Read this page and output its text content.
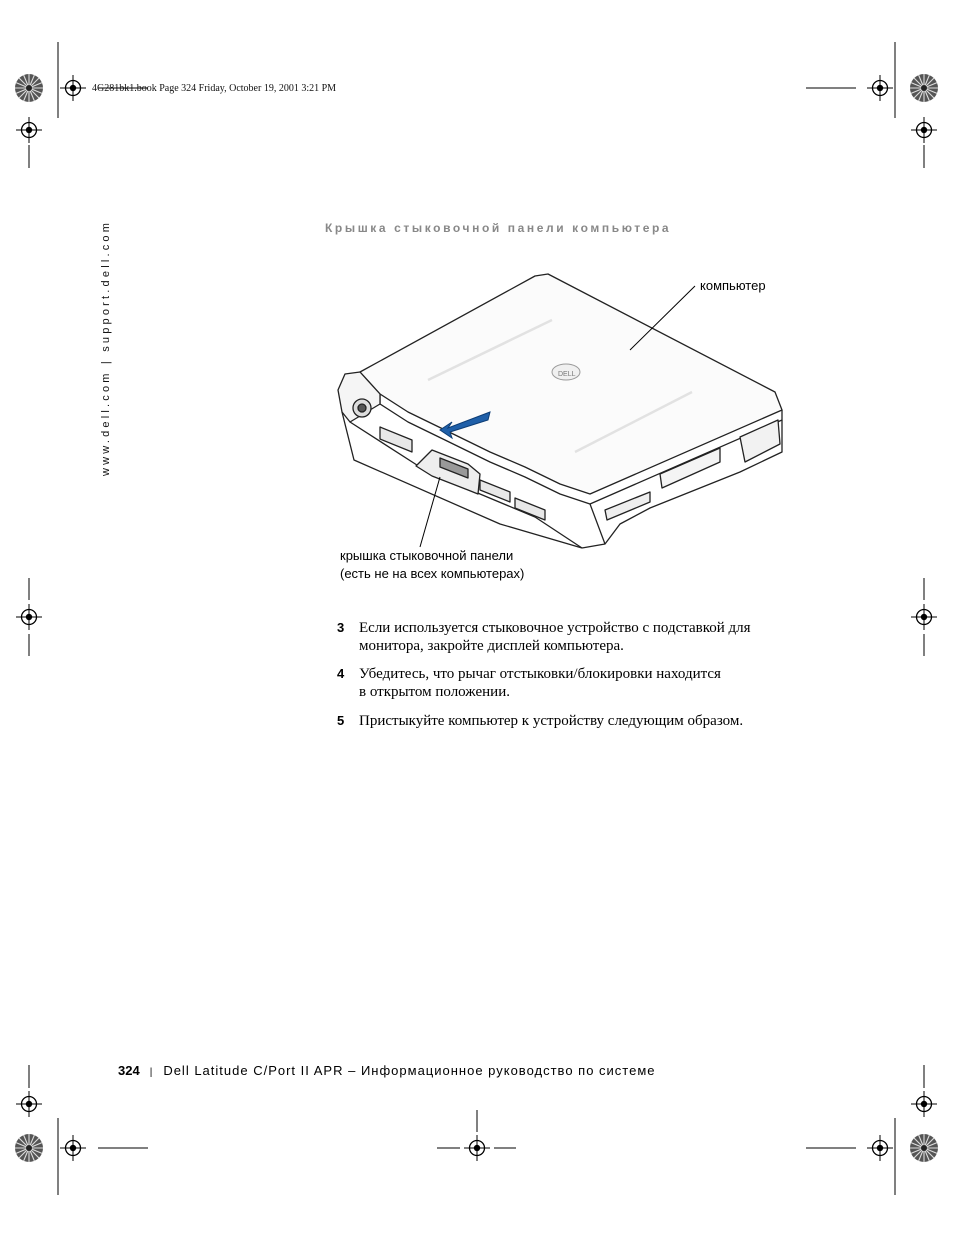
4G281bk1.book Page 324 Friday, October 19, 2001 3:21 PM
www.dell.com | support.dell.com	Крышка стыковочной панели компьютера
DELL
компьютер
крышка стыковочной панели
(есть не на всех компьютерах)
3 Если используется стыковочное устройство с подставкой для
монитора, закройте дисплей компьютера.
4 Убедитесь, что рычаг отстыковки/блокировки находится
в открытом положении.
5 Пристыкуйте компьютер к устройству следующим образом.
324 | Dell Latitude C/Port II APR – Информационное руководство по системе
